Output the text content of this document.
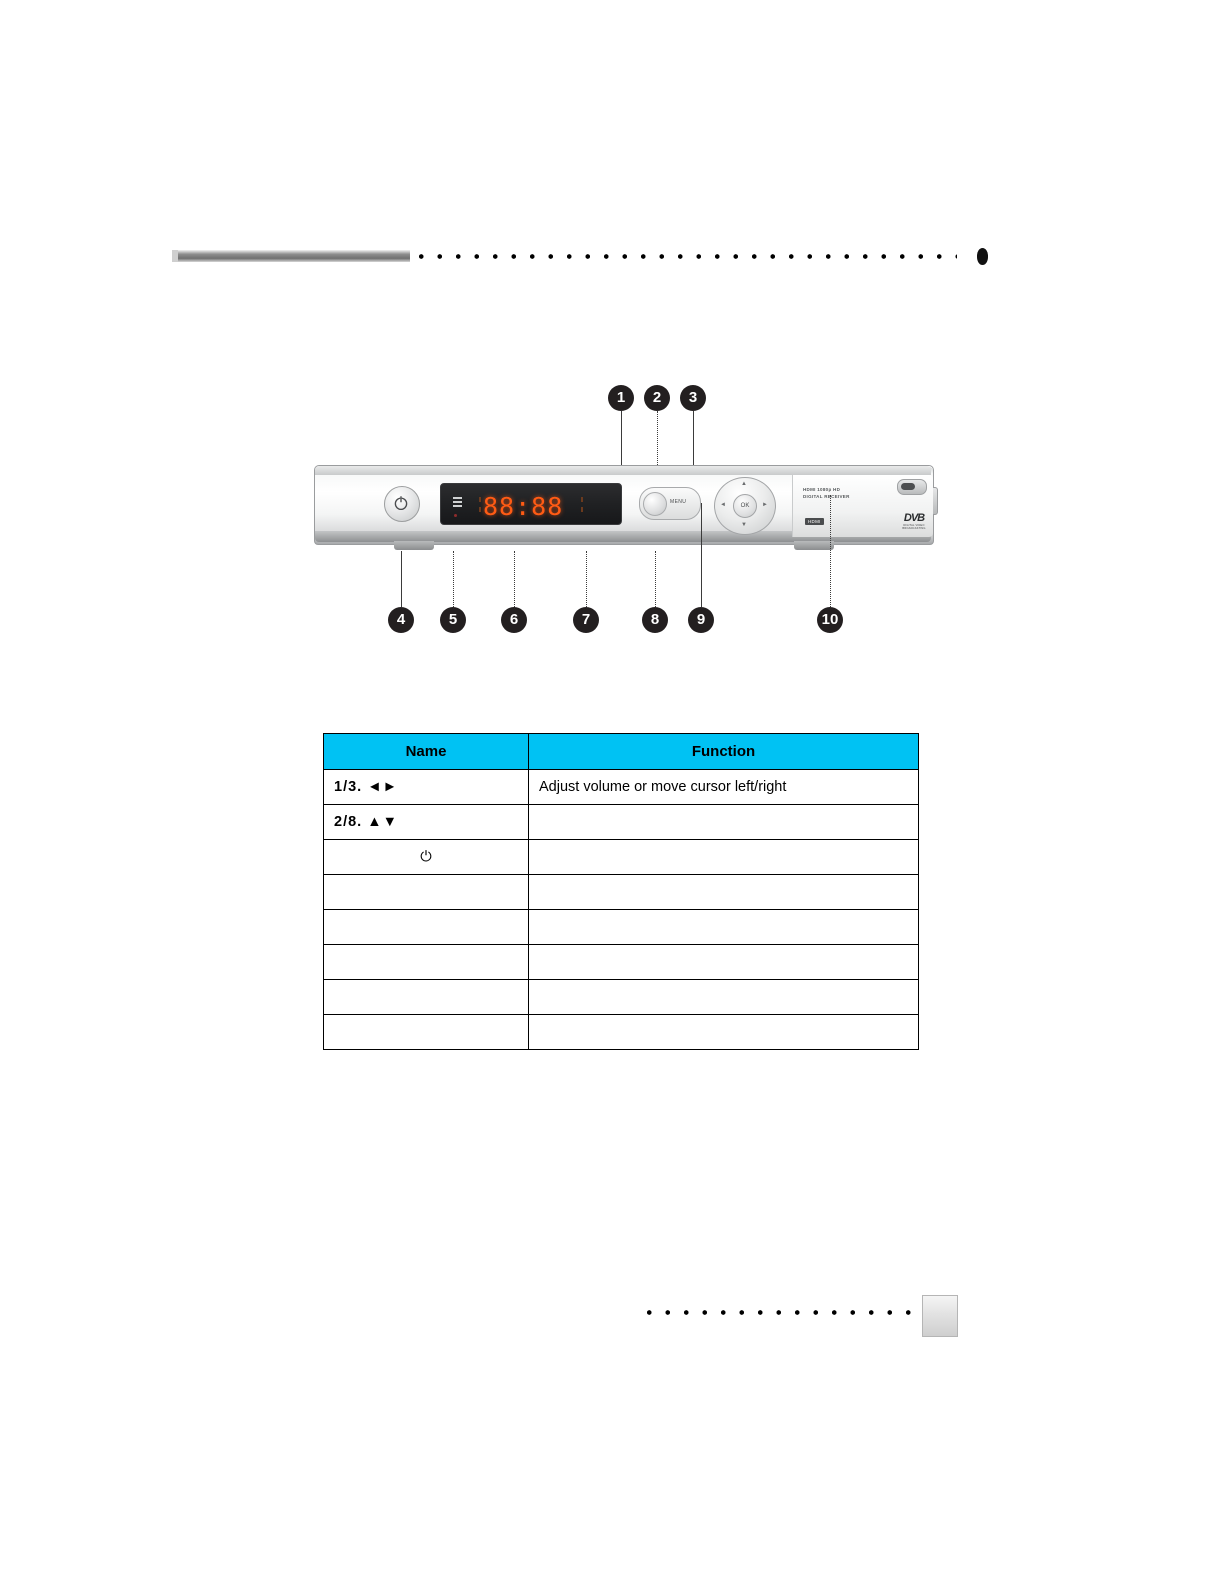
1	2	3
88:88	MENU
▲
▼
◄	►
OK
HDMI 1080p HD
DIGITAL RECEIVER
HDMI	DVB
DIGITAL VIDEO BROADCASTING
4	5	6	7	8	9	10
Name	Function
1/3. ◄►	Adjust volume or move cursor left/right
2/8. ▲▼	
⏻	
